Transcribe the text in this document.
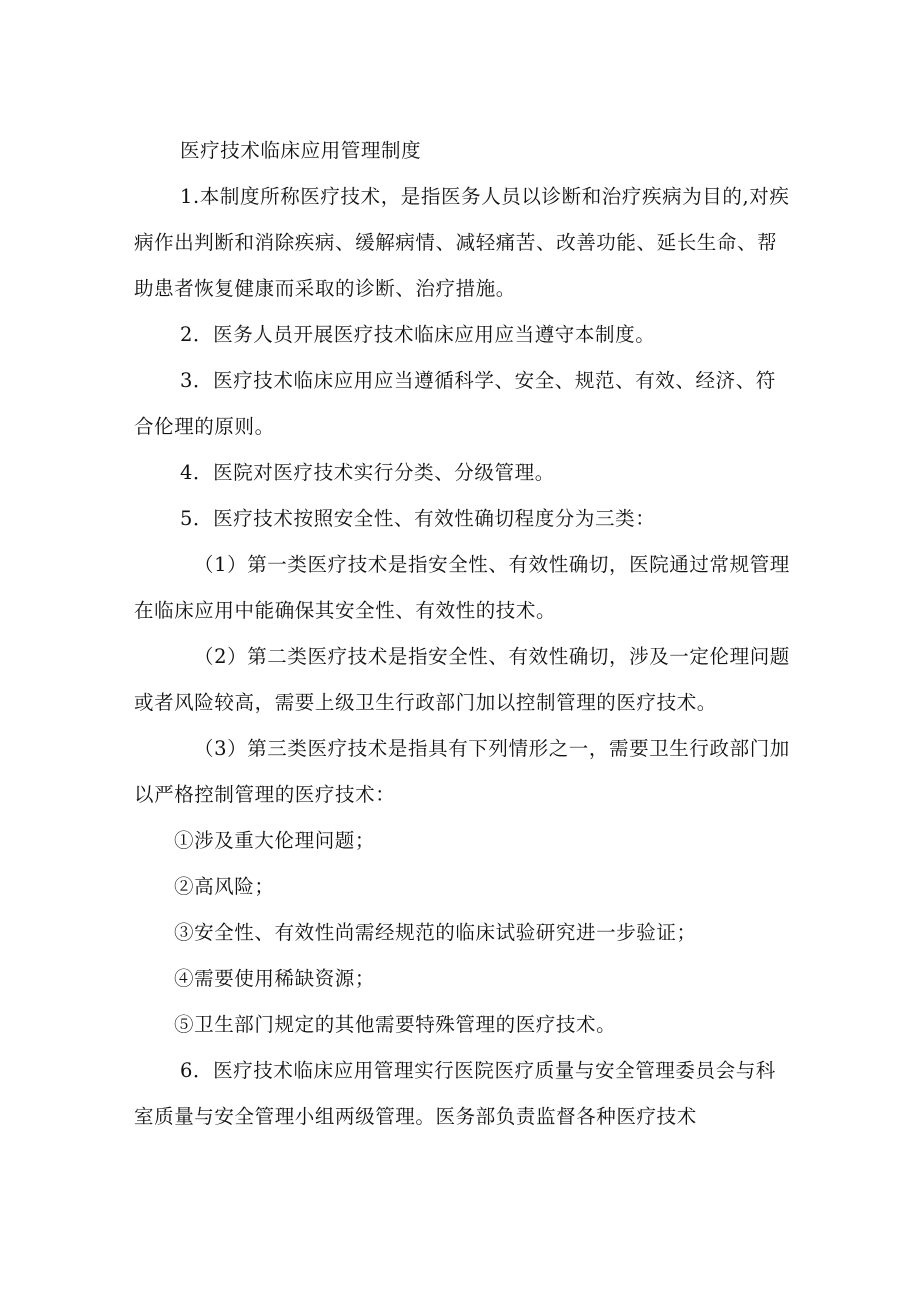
医疗技术临床应用管理制度

1.本制度所称医疗技术，是指医务人员以诊断和治疗疾病为目的,对疾病作出判断和消除疾病、缓解病情、减轻痛苦、改善功能、延长生命、帮助患者恢复健康而采取的诊断、治疗措施。

2．医务人员开展医疗技术临床应用应当遵守本制度。

3．医疗技术临床应用应当遵循科学、安全、规范、有效、经济、符合伦理的原则。

4．医院对医疗技术实行分类、分级管理。

5．医疗技术按照安全性、有效性确切程度分为三类：

（1）第一类医疗技术是指安全性、有效性确切，医院通过常规管理在临床应用中能确保其安全性、有效性的技术。

（2）第二类医疗技术是指安全性、有效性确切，涉及一定伦理问题或者风险较高，需要上级卫生行政部门加以控制管理的医疗技术。

（3）第三类医疗技术是指具有下列情形之一，需要卫生行政部门加以严格控制管理的医疗技术：

①涉及重大伦理问题；

②高风险；

③安全性、有效性尚需经规范的临床试验研究进一步验证；

④需要使用稀缺资源；

⑤卫生部门规定的其他需要特殊管理的医疗技术。

6．医疗技术临床应用管理实行医院医疗质量与安全管理委员会与科室质量与安全管理小组两级管理。医务部负责监督各种医疗技术
